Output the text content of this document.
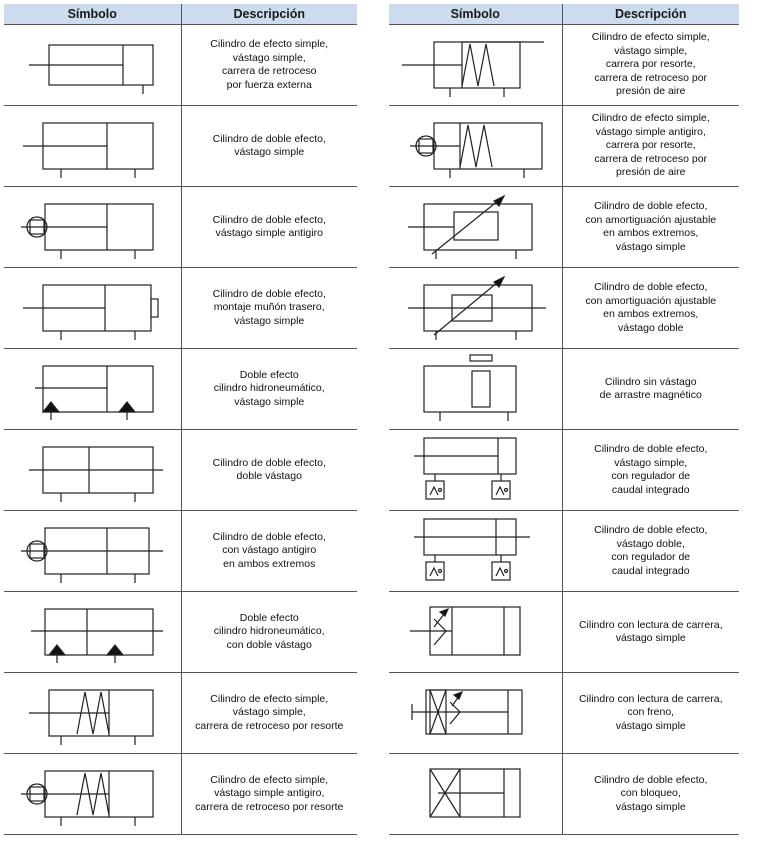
Símbolo	Descripción

	Cilindro de efecto simple,
vástago simple,
carrera de retroceso
por fuerza externa

	Cilindro de doble efecto,
vástago simple

	Cilindro de doble efecto,
vástago simple antigiro

	Cilindro de doble efecto,
montaje muñón trasero,
vástago simple

	Doble efecto
cilindro hidroneumático,
vástago simple

	Cilindro de doble efecto,
doble vástago

	Cilindro de doble efecto,
con vástago antigiro
en ambos extremos

	Doble efecto
cilindro hidroneumático,
con doble vástago

	Cilindro de efecto simple,
vástago simple,
carrera de retroceso por resorte

	Cilindro de efecto simple,
vástago simple antigiro,
carrera de retroceso por resorte
Símbolo	Descripción

	Cilindro de efecto simple,
vástago simple,
carrera por resorte,
carrera de retroceso por
presión de aire

	Cilindro de efecto simple,
vástago simple antigiro,
carrera por resorte,
carrera de retroceso por
presión de aire

	Cilindro de doble efecto,
con amortiguación ajustable
en ambos extremos,
vástago simple

	Cilindro de doble efecto,
con amortiguación ajustable
en ambos extremos,
vástago doble

	Cilindro sin vástago
de arrastre magnético

	Cilindro de doble efecto,
vástago simple,
con regulador de
caudal integrado

	Cilindro de doble efecto,
vástago doble,
con regulador de
caudal integrado

	Cilindro con lectura de carrera,
vástago simple

	Cilindro con lectura de carrera,
con freno,
vástago simple

	Cilindro de doble efecto,
con bloqueo,
vástago simple
